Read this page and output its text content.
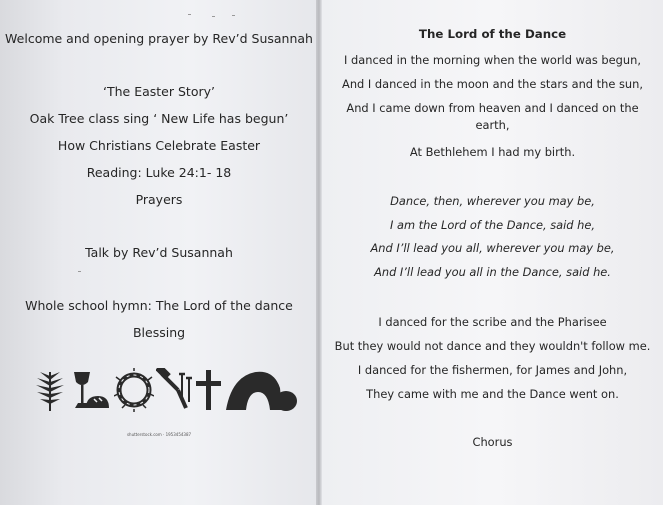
Welcome and opening prayer by Rev’d Susannah
‘The Easter Story’
Oak Tree class sing ‘ New Life has begun’
How Christians Celebrate Easter
Reading: Luke 24:1- 18
Prayers
Talk by Rev’d Susannah
Whole school hymn: The Lord of the dance
Blessing
shutterstock.com · 1953454387
The Lord of the Dance
I danced in the morning when the world was begun,
And I danced in the moon and the stars and the sun,
And I came down from heaven and I danced on the earth,
At Bethlehem I had my birth.
Dance, then, wherever you may be,
I am the Lord of the Dance, said he,
And I’ll lead you all, wherever you may be,
And I’ll lead you all in the Dance, said he.
I danced for the scribe and the Pharisee
But they would not dance and they wouldn't follow me.
I danced for the fishermen, for James and John,
They came with me and the Dance went on.
Chorus
